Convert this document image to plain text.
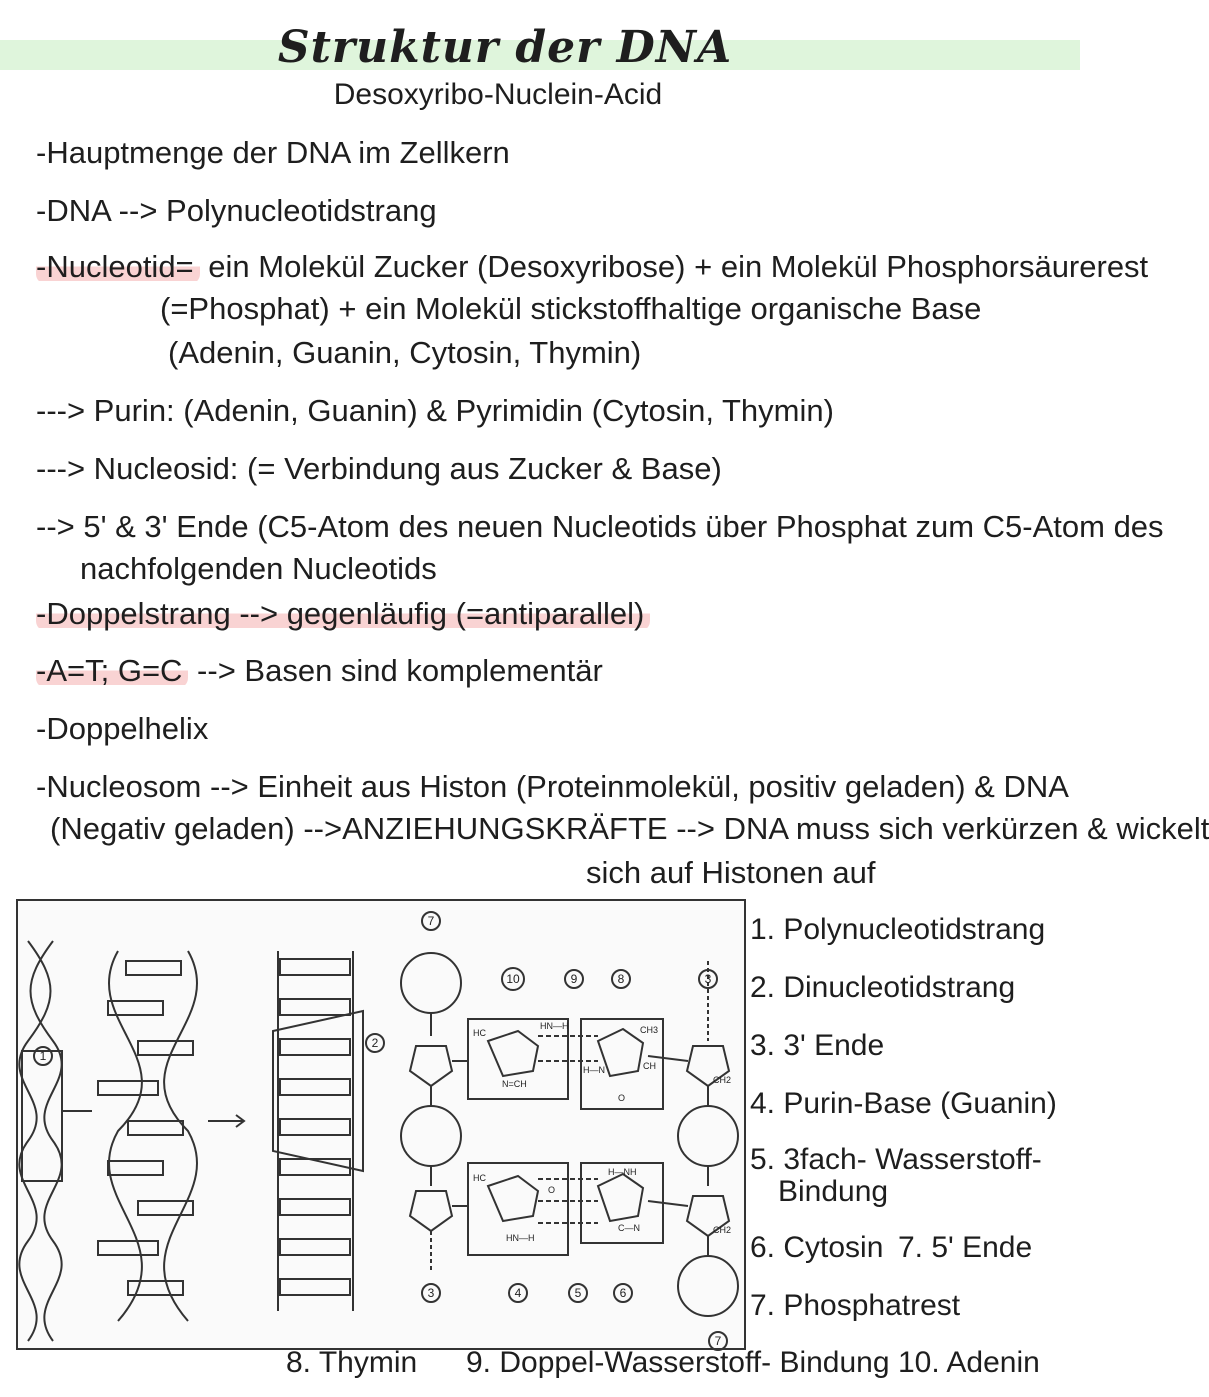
Struktur der DNA
Desoxyribo-Nuclein-Acid
-Hauptmenge der DNA im Zellkern
-DNA --> Polynucleotidstrang
-Nucleotid= ein Molekül Zucker (Desoxyribose) + ein Molekül Phosphorsäurerest
(=Phosphat) + ein Molekül stickstoffhaltige organische Base
(Adenin, Guanin, Cytosin, Thymin)
---> Purin: (Adenin, Guanin) & Pyrimidin (Cytosin, Thymin)
---> Nucleosid: (= Verbindung aus Zucker & Base)
--> 5' & 3' Ende (C5-Atom des neuen Nucleotids über Phosphat zum C5-Atom des
nachfolgenden Nucleotids
-Doppelstrang --> gegenläufig (=antiparallel)
-A=T; G=C --> Basen sind komplementär
-Doppelhelix
-Nucleosom --> Einheit aus Histon (Proteinmolekül, positiv geladen) & DNA
(Negativ geladen) -->ANZIEHUNGSKRÄFTE --> DNA muss sich verkürzen & wickelt
sich auf Histonen auf
1
2
3
3
4	5	6
7
7
8
9
10
HN—H
HC	CH3
CH
N=CH
H—N
H—NH
HC
C—N
HN—H
CH2
CH2
O
O
1. Polynucleotidstrang
2. Dinucleotidstrang
3. 3' Ende
4. Purin-Base (Guanin)
5. 3fach- Wasserstoff-
Bindung
6. Cytosin 7. 5' Ende
7. Phosphatrest
8. Thymin 9. Doppel-Wasserstoff- Bindung 10. Adenin
